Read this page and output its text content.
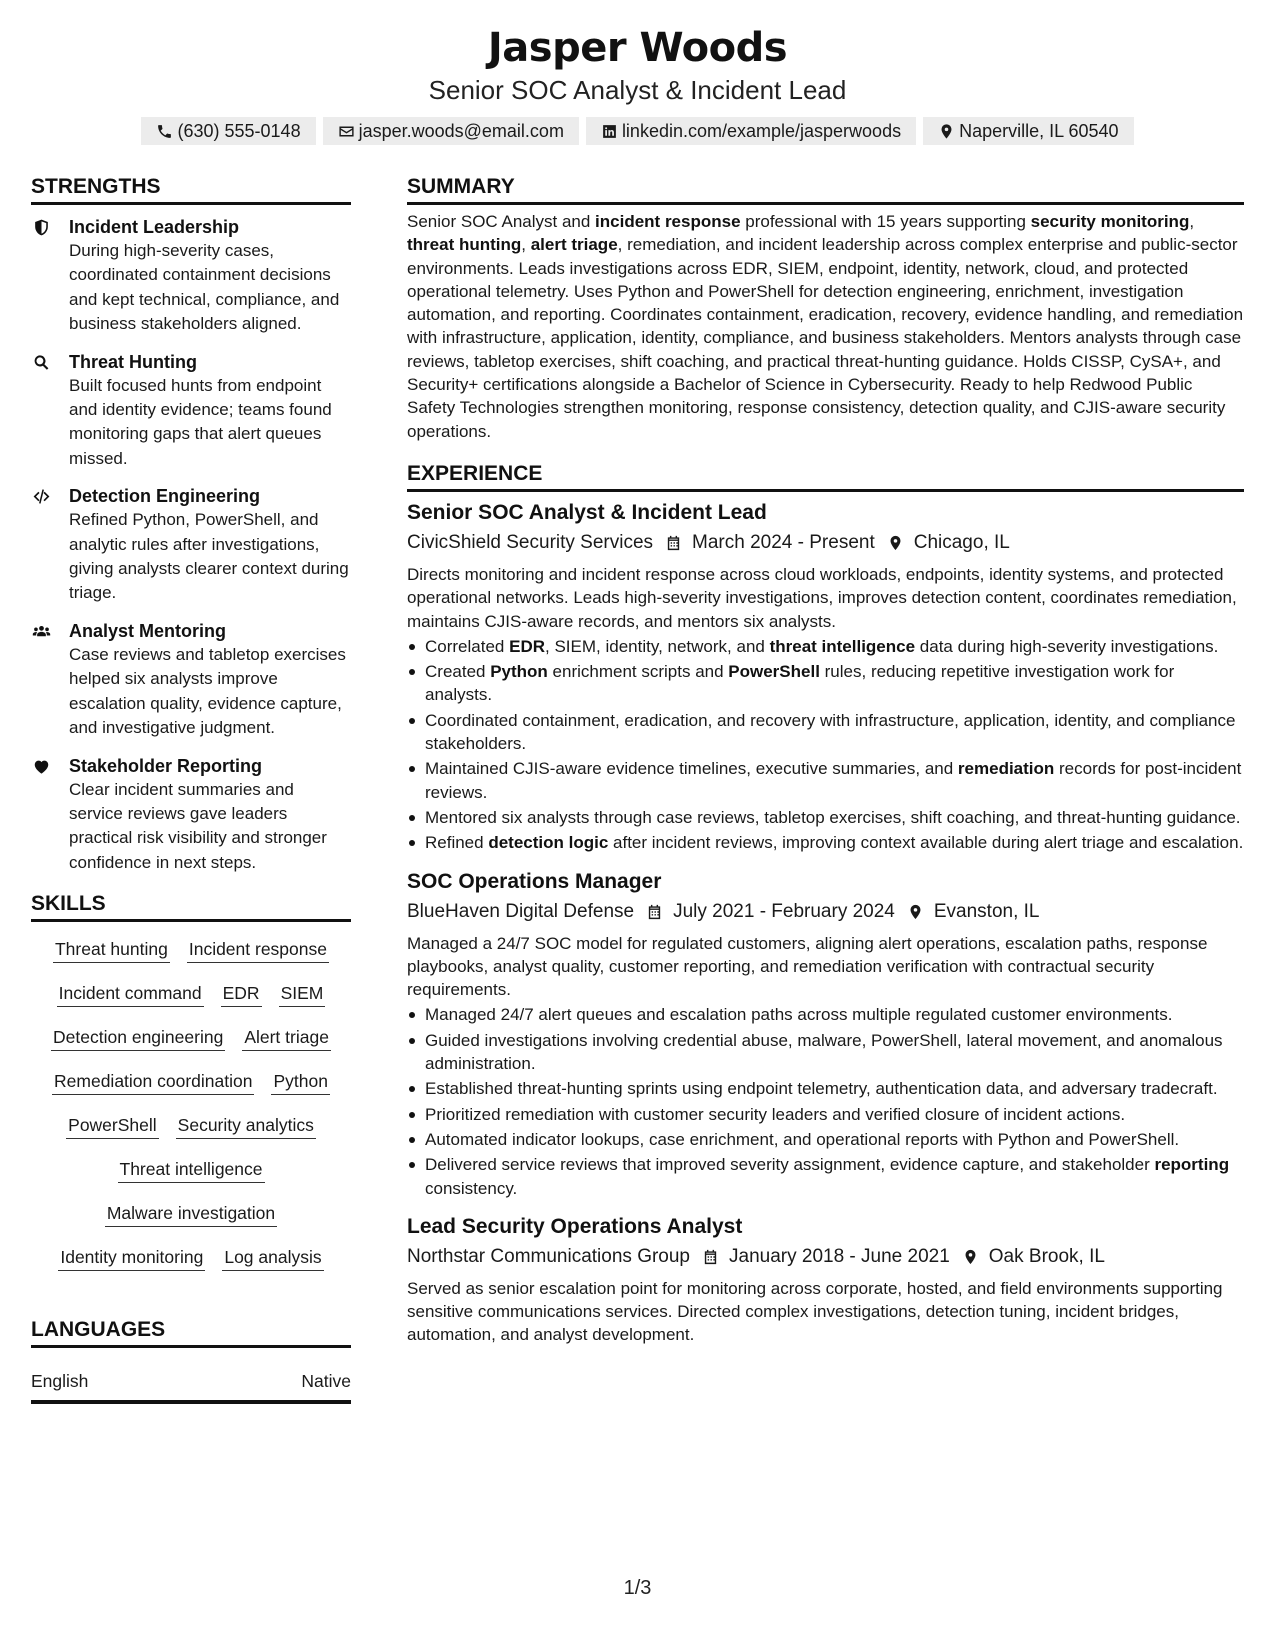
Jasper Woods
Senior SOC Analyst & Incident Lead
(630) 555-0148	jasper.woods@email.com	linkedin.com/example/jasperwoods	Naperville, IL 60540
STRENGTHS
Incident Leadership
During high-severity cases, coordinated containment decisions and kept technical, compliance, and business stakeholders aligned.
Threat Hunting
Built focused hunts from endpoint and identity evidence; teams found monitoring gaps that alert queues missed.
Detection Engineering
Refined Python, PowerShell, and analytic rules after investigations, giving analysts clearer context during triage.
Analyst Mentoring
Case reviews and tabletop exercises helped six analysts improve escalation quality, evidence capture, and investigative judgment.
Stakeholder Reporting
Clear incident summaries and service reviews gave leaders practical risk visibility and stronger confidence in next steps.
SKILLS
Threat hunting Incident response
Incident command EDR SIEM
Detection engineering Alert triage
Remediation coordination Python
PowerShell Security analytics
Threat intelligence
Malware investigation
Identity monitoring Log analysis
LANGUAGES
English	Native
SUMMARY
Senior SOC Analyst and incident response professional with 15 years supporting security monitoring, threat hunting, alert triage, remediation, and incident leadership across complex enterprise and public-sector environments. Leads investigations across EDR, SIEM, endpoint, identity, network, cloud, and protected operational telemetry. Uses Python and PowerShell for detection engineering, enrichment, investigation automation, and reporting. Coordinates containment, eradication, recovery, evidence handling, and remediation with infrastructure, application, identity, compliance, and business stakeholders. Mentors analysts through case reviews, tabletop exercises, shift coaching, and practical threat-hunting guidance. Holds CISSP, CySA+, and Security+ certifications alongside a Bachelor of Science in Cybersecurity. Ready to help Redwood Public Safety Technologies strengthen monitoring, response consistency, detection quality, and CJIS-aware security operations.
EXPERIENCE
Senior SOC Analyst & Incident Lead
CivicShield Security Services March 2024 - Present Chicago, IL
Directs monitoring and incident response across cloud workloads, endpoints, identity systems, and protected operational networks. Leads high-severity investigations, improves detection content, coordinates remediation, maintains CJIS-aware records, and mentors six analysts.
Correlated EDR, SIEM, identity, network, and threat intelligence data during high-severity investigations.
Created Python enrichment scripts and PowerShell rules, reducing repetitive investigation work for analysts.
Coordinated containment, eradication, and recovery with infrastructure, application, identity, and compliance stakeholders.
Maintained CJIS-aware evidence timelines, executive summaries, and remediation records for post-incident reviews.
Mentored six analysts through case reviews, tabletop exercises, shift coaching, and threat-hunting guidance.
Refined detection logic after incident reviews, improving context available during alert triage and escalation.
SOC Operations Manager
BlueHaven Digital Defense July 2021 - February 2024 Evanston, IL
Managed a 24/7 SOC model for regulated customers, aligning alert operations, escalation paths, response playbooks, analyst quality, customer reporting, and remediation verification with contractual security requirements.
Managed 24/7 alert queues and escalation paths across multiple regulated customer environments.
Guided investigations involving credential abuse, malware, PowerShell, lateral movement, and anomalous administration.
Established threat-hunting sprints using endpoint telemetry, authentication data, and adversary tradecraft.
Prioritized remediation with customer security leaders and verified closure of incident actions.
Automated indicator lookups, case enrichment, and operational reports with Python and PowerShell.
Delivered service reviews that improved severity assignment, evidence capture, and stakeholder reporting consistency.
Lead Security Operations Analyst
Northstar Communications Group January 2018 - June 2021 Oak Brook, IL
Served as senior escalation point for monitoring across corporate, hosted, and field environments supporting sensitive communications services. Directed complex investigations, detection tuning, incident bridges, automation, and analyst development.
1/3
